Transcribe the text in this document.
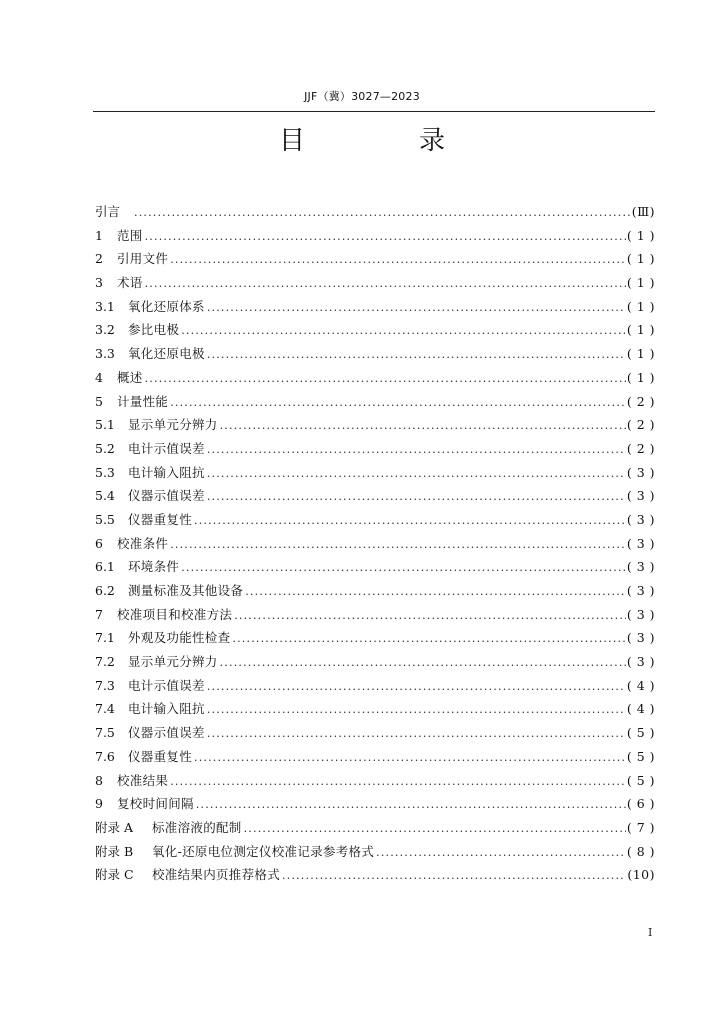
JJF（冀）3027—2023
目　录
引言 .....	(Ⅲ)
1	范围 .....	( 1 )
2	引用文件 .....	( 1 )
3	术语 .....	( 1 )
3.1	氧化还原体系 .....	( 1 )
3.2	参比电极 .....	( 1 )
3.3	氧化还原电极 .....	( 1 )
4	概述 .....	( 1 )
5	计量性能 .....	( 2 )
5.1	显示单元分辨力 .....	( 2 )
5.2	电计示值误差 .....	( 2 )
5.3	电计输入阻抗 .....	( 3 )
5.4	仪器示值误差 .....	( 3 )
5.5	仪器重复性 .....	( 3 )
6	校准条件 .....	( 3 )
6.1	环境条件 .....	( 3 )
6.2	测量标准及其他设备 .....	( 3 )
7	校准项目和校准方法 .....	( 3 )
7.1	外观及功能性检查 .....	( 3 )
7.2	显示单元分辨力 .....	( 3 )
7.3	电计示值误差 .....	( 4 )
7.4	电计输入阻抗 .....	( 4 )
7.5	仪器示值误差 .....	( 5 )
7.6	仪器重复性 .....	( 5 )
8	校准结果 .....	( 5 )
9	复校时间间隔 .....	( 6 )
附录 A	标准溶液的配制 .....	( 7 )
附录 B	氧化-还原电位测定仪校准记录参考格式 .....	( 8 )
附录 C	校准结果内页推荐格式 .....	(10)
I
